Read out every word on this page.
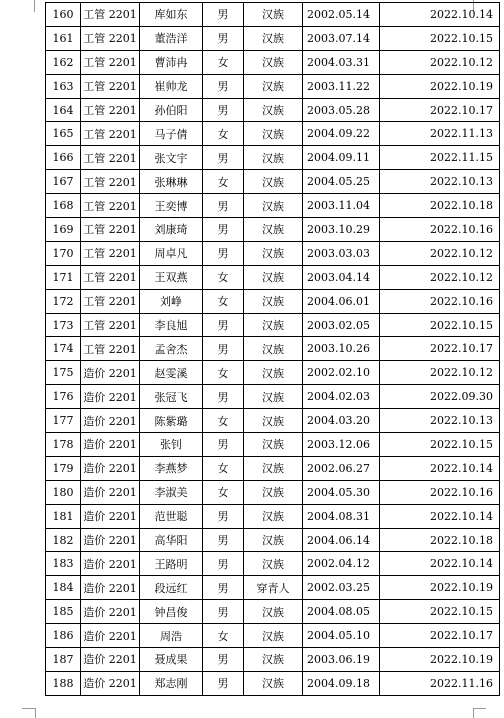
160	工管 2201	库如东	男	汉族	2002.05.14	2022.10.14
161	工管 2201	董浩洋	男	汉族	2003.07.14	2022.10.15
162	工管 2201	曹沛冉	女	汉族	2004.03.31	2022.10.12
163	工管 2201	崔帅龙	男	汉族	2003.11.22	2022.10.19
164	工管 2201	孙伯阳	男	汉族	2003.05.28	2022.10.17
165	工管 2201	马子倩	女	汉族	2004.09.22	2022.11.13
166	工管 2201	张文宇	男	汉族	2004.09.11	2022.11.15
167	工管 2201	张琳琳	女	汉族	2004.05.25	2022.10.13
168	工管 2201	王奕博	男	汉族	2003.11.04	2022.10.18
169	工管 2201	刘康琦	男	汉族	2003.10.29	2022.10.16
170	工管 2201	周卓凡	男	汉族	2003.03.03	2022.10.12
171	工管 2201	王双燕	女	汉族	2003.04.14	2022.10.12
172	工管 2201	刘峥	女	汉族	2004.06.01	2022.10.16
173	工管 2201	李良旭	男	汉族	2003.02.05	2022.10.15
174	工管 2201	孟舍杰	男	汉族	2003.10.26	2022.10.17
175	造价 2201	赵雯溪	女	汉族	2002.02.10	2022.10.12
176	造价 2201	张冠飞	男	汉族	2004.02.03	2022.09.30
177	造价 2201	陈紫璐	女	汉族	2004.03.20	2022.10.13
178	造价 2201	张钊	男	汉族	2003.12.06	2022.10.15
179	造价 2201	李燕梦	女	汉族	2002.06.27	2022.10.14
180	造价 2201	李淑美	女	汉族	2004.05.30	2022.10.16
181	造价 2201	范世聪	男	汉族	2004.08.31	2022.10.14
182	造价 2201	高华阳	男	汉族	2004.06.14	2022.10.18
183	造价 2201	王路明	男	汉族	2002.04.12	2022.10.14
184	造价 2201	段远红	男	穿青人	2002.03.25	2022.10.19
185	造价 2201	钟昌俊	男	汉族	2004.08.05	2022.10.15
186	造价 2201	周浩	女	汉族	2004.05.10	2022.10.17
187	造价 2201	聂成果	男	汉族	2003.06.19	2022.10.19
188	造价 2201	郑志刚	男	汉族	2004.09.18	2022.11.16
